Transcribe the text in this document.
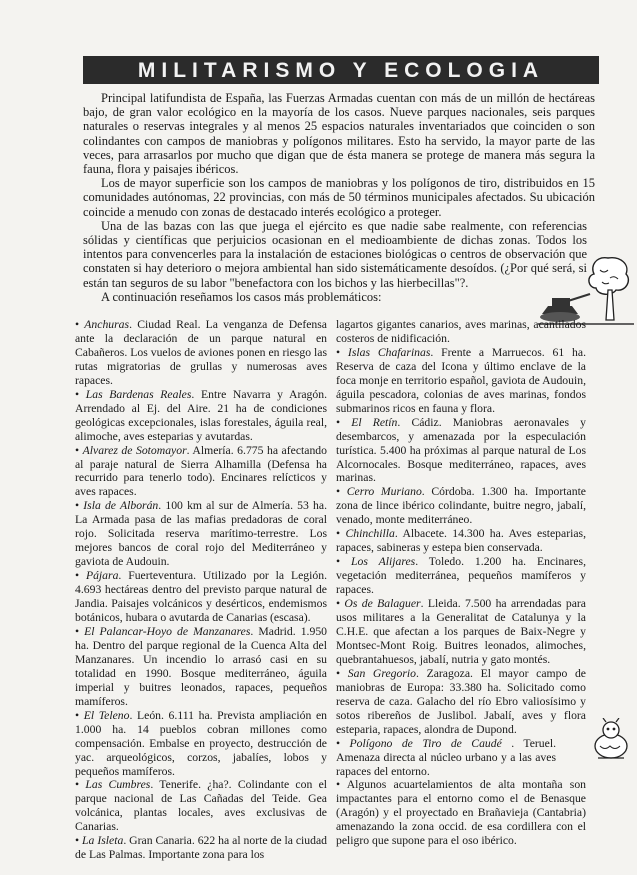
MILITARISMO Y ECOLOGIA

Principal latifundista de España, las Fuerzas Armadas cuentan con más de un millón de hectáreas bajo, de gran valor ecológico en la mayoría de los casos. Nueve parques nacionales, seis parques naturales o reservas integrales y al menos 25 espacios naturales inventariados que coinciden o son colindantes con campos de maniobras y polígonos militares. Esto ha servido, la mayor parte de las veces, para arrasarlos por mucho que digan que de ésta manera se protege de manera más segura la fauna, flora y paisajes ibéricos.

Los de mayor superficie son los campos de maniobras y los polígonos de tiro, distribuidos en 15 comunidades autónomas, 22 provincias, con más de 50 términos municipales afectados. Su ubicación coincide a menudo con zonas de destacado interés ecológico a proteger.

Una de las bazas con las que juega el ejército es que nadie sabe realmente, con referencias sólidas y científicas que perjuicios ocasionan en el medioambiente de dichas zonas. Todos los intentos para convencerles para la instalación de estaciones biológicas o centros de observación que constaten si hay deterioro o mejora ambiental han sido sistemáticamente desoídos. (¿Por qué será, si están tan seguros de su labor "benefactora con los bichos y las hierbecillas"?.

A continuación reseñamos los casos más problemáticos:

• Anchuras. Ciudad Real. La venganza de Defensa ante la declaración de un parque natural en Cabañeros. Los vuelos de aviones ponen en riesgo las rutas migratorias de grullas y numerosas aves rapaces.

• Las Bardenas Reales. Entre Navarra y Aragón. Arrendado al Ej. del Aire. 21 ha de condiciones geológicas excepcionales, islas forestales, águila real, alimoche, aves esteparias y avutardas.

• Alvarez de Sotomayor. Almería. 6.775 ha afectando al paraje natural de Sierra Alhamilla (Defensa ha recurrido para tenerlo todo). Encinares relícticos y aves rapaces.

• Isla de Alborán. 100 km al sur de Almería. 53 ha. La Armada pasa de las mafias predadoras de coral rojo. Solicitada reserva marítimo-terrestre. Los mejores bancos de coral rojo del Mediterráneo y gaviota de Audouin.

• Pájara. Fuerteventura. Utilizado por la Legión. 4.693 hectáreas dentro del previsto parque natural de Jandia. Paisajes volcánicos y desérticos, endemismos botánicos, hubara o avutarda de Canarias (escasa).

• El Palancar-Hoyo de Manzanares. Madrid. 1.950 ha. Dentro del parque regional de la Cuenca Alta del Manzanares. Un incendio lo arrasó casi en su totalidad en 1990. Bosque mediterráneo, águila imperial y buitres leonados, rapaces, pequeños mamíferos.

• El Teleno. León. 6.111 ha. Prevista ampliación en 1.000 ha. 14 pueblos cobran millones como compensación. Embalse en proyecto, destrucción de yac. arqueológicos, corzos, jabalíes, lobos y pequeños mamíferos.

• Las Cumbres. Tenerife. ¿ha?. Colindante con el parque nacional de Las Cañadas del Teide. Gea volcánica, plantas locales, aves exclusivas de Canarias.

• La Isleta. Gran Canaria. 622 ha al norte de la ciudad de Las Palmas. Importante zona para los

lagartos gigantes canarios, aves marinas, acantilados costeros de nidificación.

• Islas Chafarinas. Frente a Marruecos. 61 ha. Reserva de caza del Icona y último enclave de la foca monje en territorio español, gaviota de Audouin, águila pescadora, colonias de aves marinas, fondos submarinos ricos en fauna y flora.

• El Retín. Cádiz. Maniobras aeronavales y desembarcos, y amenazada por la especulación turística. 5.400 ha próximas al parque natural de Los Alcornocales. Bosque mediterráneo, rapaces, aves marinas.

• Cerro Muriano. Córdoba. 1.300 ha. Importante zona de lince ibérico colindante, buitre negro, jabalí, venado, monte mediterráneo.

• Chinchilla. Albacete. 14.300 ha. Aves esteparias, rapaces, sabineras y estepa bien conservada.

• Los Alijares. Toledo. 1.200 ha. Encinares, vegetación mediterránea, pequeños mamíferos y rapaces.

• Os de Balaguer. Lleida. 7.500 ha arrendadas para usos militares a la Generalitat de Catalunya y la C.H.E. que afectan a los parques de Baix-Negre y Montsec-Mont Roig. Buitres leonados, alimoches, quebrantahuesos, jabalí, nutria y gato montés.

• San Gregorio. Zaragoza. El mayor campo de maniobras de Europa: 33.380 ha. Solicitado como reserva de caza. Galacho del río Ebro valiosísimo y sotos ribereños de Juslibol. Jabalí, aves y flora esteparia, rapaces, alondra de Dupond.

• Polígono de Tiro de Caudé . Teruel. Amenaza directa al núcleo urbano y a las aves rapaces del entorno.

• Algunos acuartelamientos de alta montaña son impactantes para el entorno como el de Benasque (Aragón) y el proyectado en Brañavieja (Cantabria) amenazando la zona occid. de esa cordillera con el peligro que supone para el oso ibérico.
